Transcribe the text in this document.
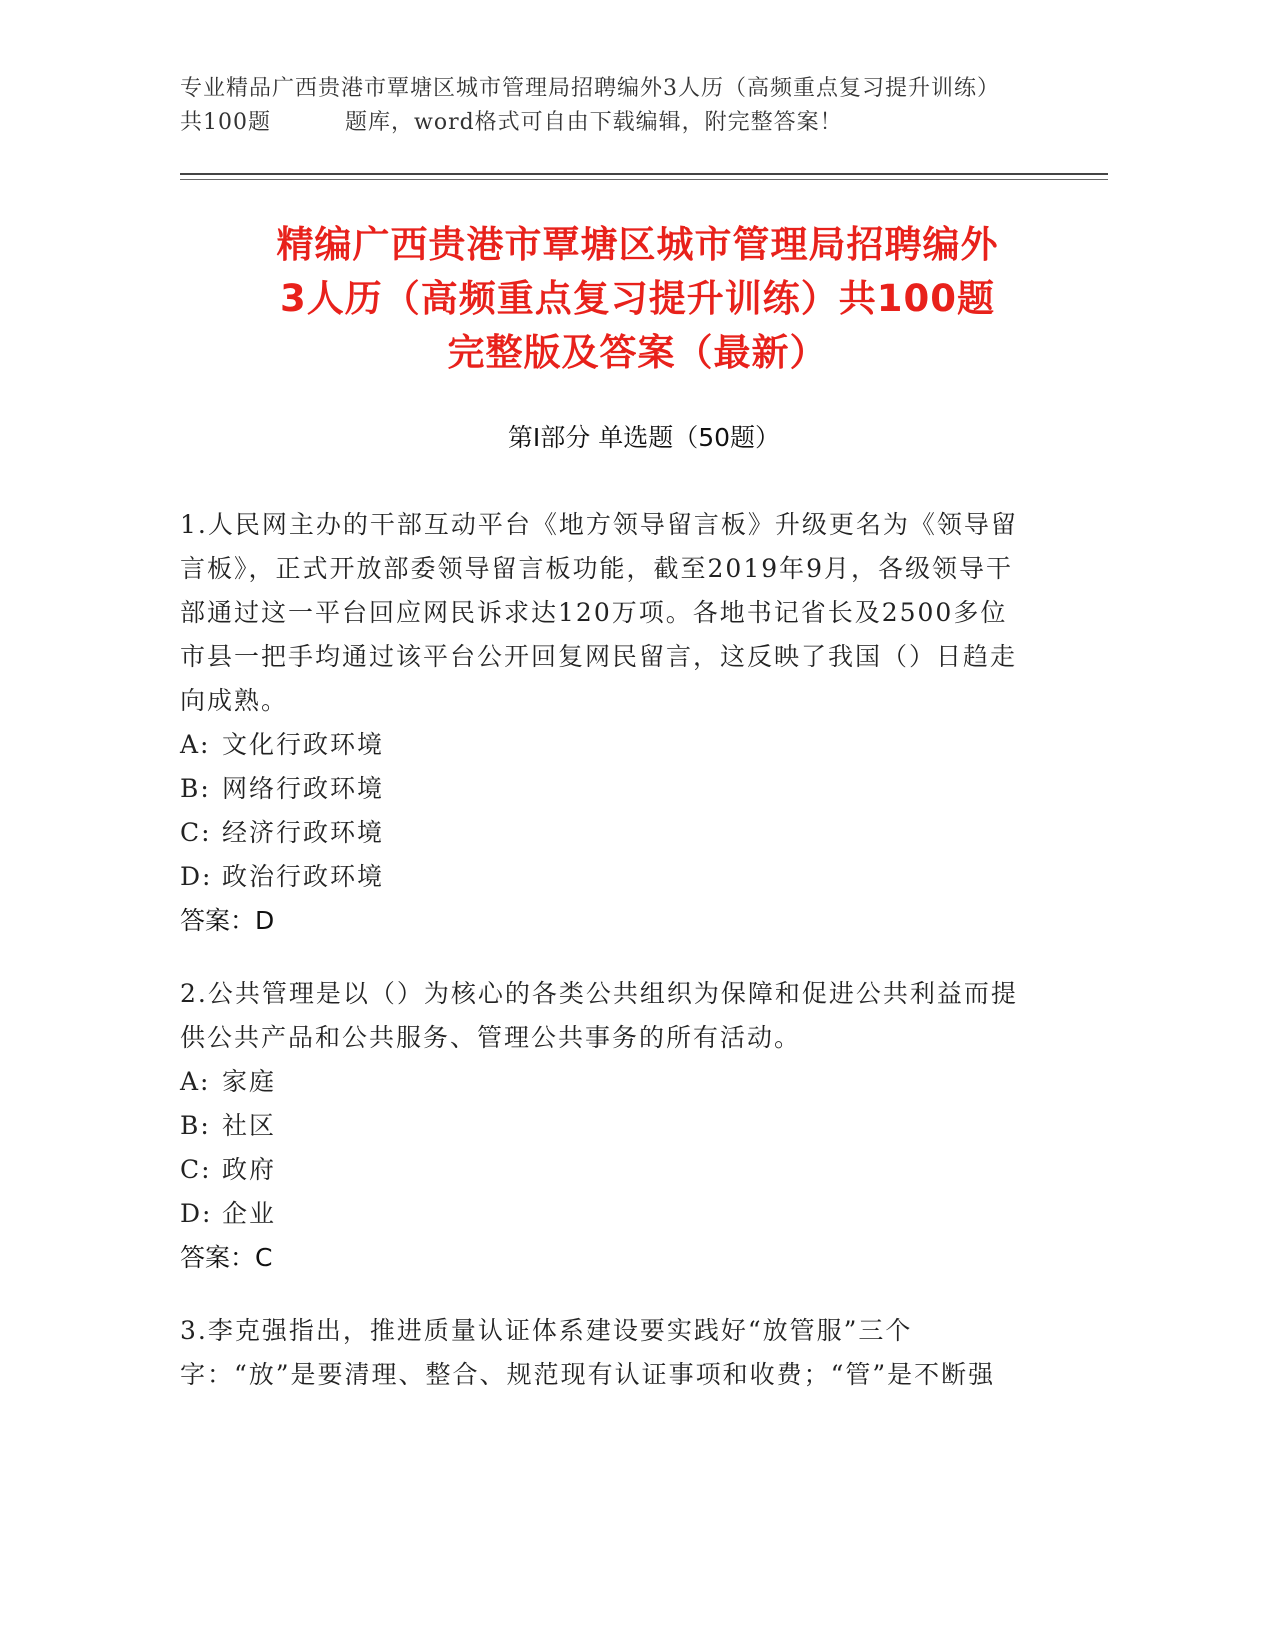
专业精品广西贵港市覃塘区城市管理局招聘编外3人历（高频重点复习提升训练）
共100题	题库，word格式可自由下载编辑，附完整答案！
精编广西贵港市覃塘区城市管理局招聘编外
3人历（高频重点复习提升训练）共100题
完整版及答案（最新）
第Ⅰ部分 单选题（50题）

1.人民网主办的干部互动平台《地方领导留言板》升级更名为《领导留言板》，正式开放部委领导留言板功能，截至2019年9月，各级领导干部通过这一平台回应网民诉求达120万项。各地书记省长及2500多位市县一把手均通过该平台公开回复网民留言，这反映了我国（）日趋走向成熟。

A: 文化行政环境
B: 网络行政环境
C: 经济行政环境
D: 政治行政环境
答案：D

2.公共管理是以（）为核心的各类公共组织为保障和促进公共利益而提供公共产品和公共服务、管理公共事务的所有活动。

A: 家庭
B: 社区
C: 政府
D: 企业
答案：C

3.李克强指出，推进质量认证体系建设要实践好“放管服”三个字：“放”是要清理、整合、规范现有认证事项和收费；“管”是不断强
